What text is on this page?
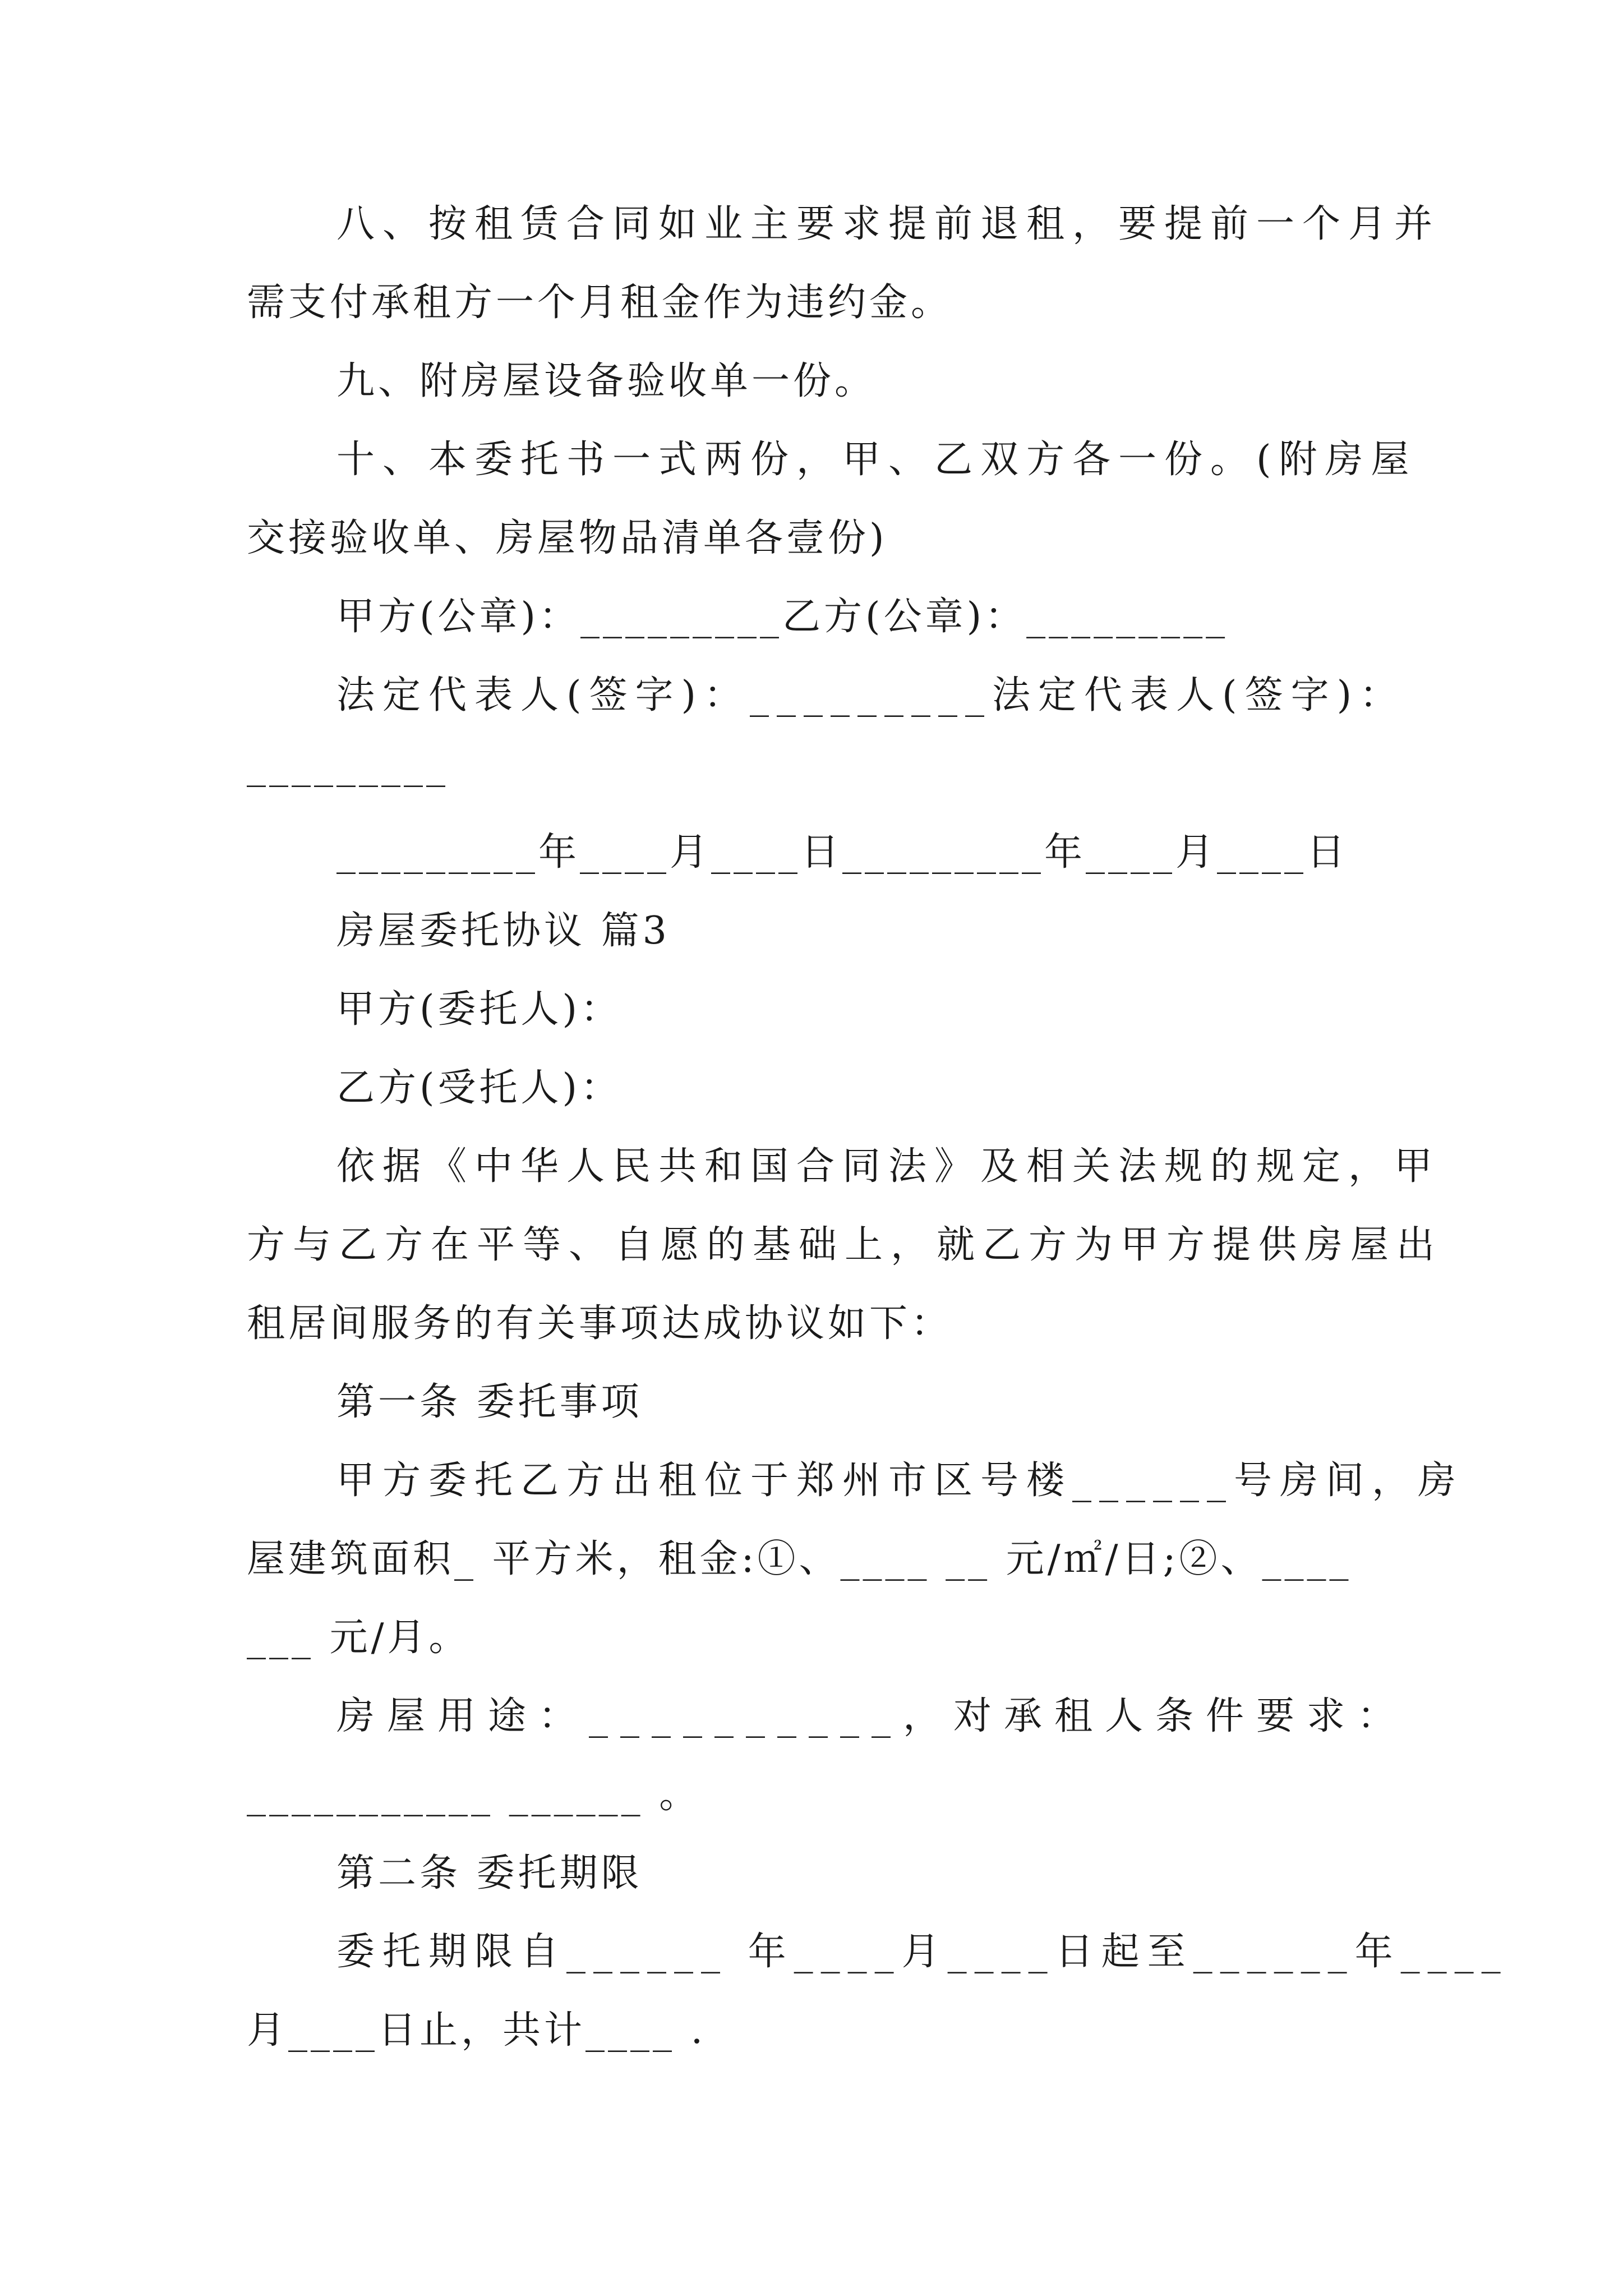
八、按租赁合同如业主要求提前退租，要提前一个月并
需支付承租方一个月租金作为违约金。
九、附房屋设备验收单一份。
十、本委托书一式两份，甲、乙双方各一份。(附房屋
交接验收单、房屋物品清单各壹份)
甲方(公章)：_________乙方(公章)：_________
法定代表人(签字)：_________法定代表人(签字)：
_________
_________年____月____日_________年____月____日
房屋委托协议 篇3
甲方(委托人)：
乙方(受托人)：
依据《中华人民共和国合同法》及相关法规的规定，甲
方与乙方在平等、自愿的基础上，就乙方为甲方提供房屋出
租居间服务的有关事项达成协议如下：
第一条 委托事项
甲方委托乙方出租位于郑州市区号楼______号房间，房
屋建筑面积_ 平方米，租金:①、____ __ 元/㎡/日;②、____
___ 元/月。
房屋用途：__________，对承租人条件要求：
___________ ______ 。
第二条 委托期限
委托期限自______ 年____月____日起至______年____
月____日止，共计____ .
